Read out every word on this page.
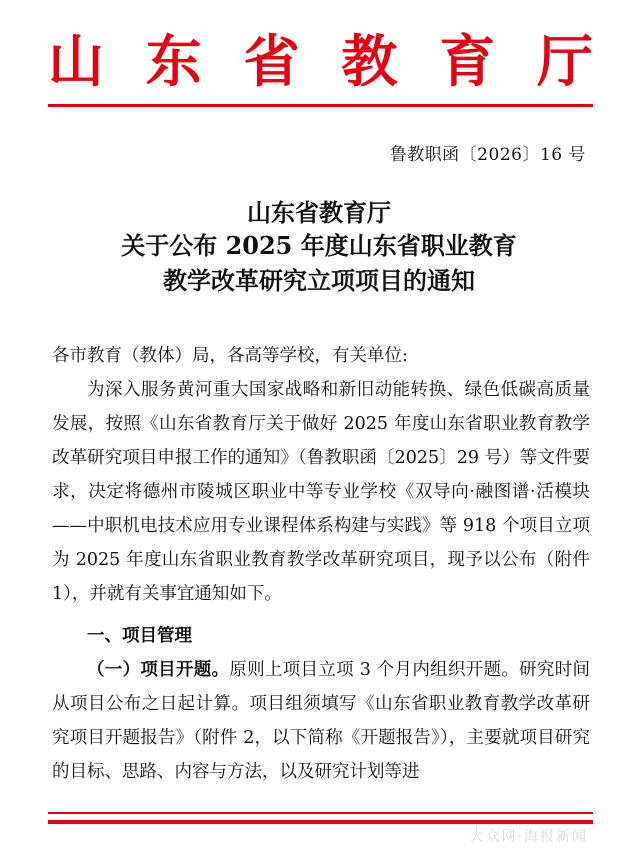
山 东 省 教 育 厅
鲁教职函〔2026〕16 号
山东省教育厅
关于公布 2025 年度山东省职业教育
教学改革研究立项项目的通知
各市教育（教体）局，各高等学校，有关单位:
为深入服务黄河重大国家战略和新旧动能转换、绿色低碳高质量发展，按照《山东省教育厅关于做好 2025 年度山东省职业教育教学改革研究项目申报工作的通知》（鲁教职函〔2025〕29 号）等文件要求，决定将德州市陵城区职业中等专业学校《双导向·融图谱·活模块——中职机电技术应用专业课程体系构建与实践》等 918 个项目立项为 2025 年度山东省职业教育教学改革研究项目，现予以公布（附件 1），并就有关事宜通知如下。
一、项目管理
（一）项目开题。原则上项目立项 3 个月内组织开题。研究时间从项目公布之日起计算。项目组须填写《山东省职业教育教学改革研究项目开题报告》（附件 2，以下简称《开题报告》），主要就项目研究的目标、思路、内容与方法，以及研究计划等进
大众网·海报新闻
